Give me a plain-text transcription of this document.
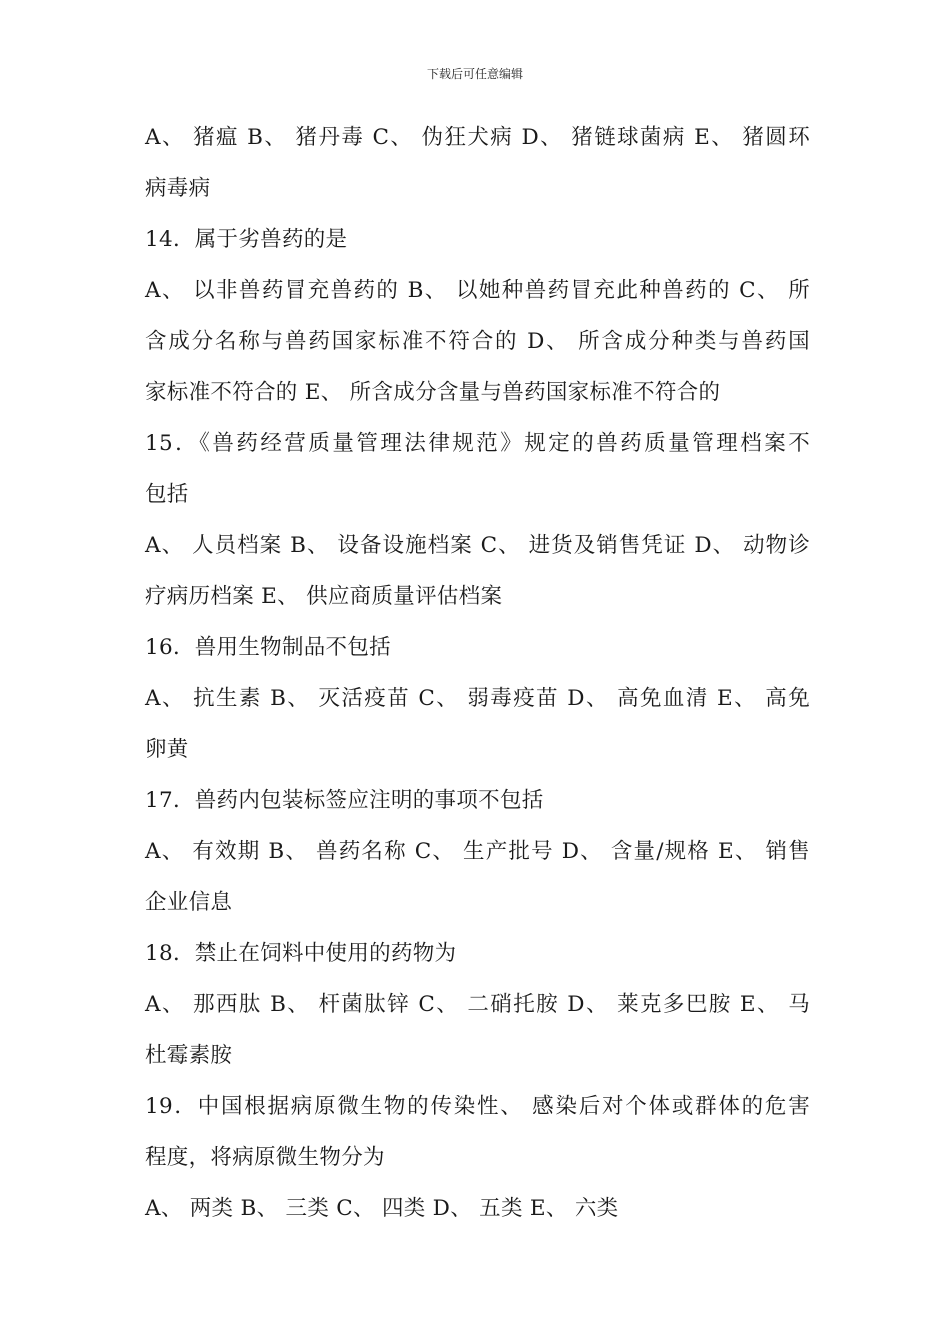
下载后可任意编辑
A、 猪瘟 B、 猪丹毒 C、 伪狂犬病 D、 猪链球菌病 E、 猪圆环
病毒病
14．属于劣兽药的是
A、 以非兽药冒充兽药的 B、 以她种兽药冒充此种兽药的 C、 所
含成分名称与兽药国家标准不符合的 D、 所含成分种类与兽药国
家标准不符合的 E、 所含成分含量与兽药国家标准不符合的
15．《兽药经营质量管理法律规范》规定的兽药质量管理档案不
包括
A、 人员档案 B、 设备设施档案 C、 进货及销售凭证 D、 动物诊
疗病历档案 E、 供应商质量评估档案
16．兽用生物制品不包括
A、 抗生素 B、 灭活疫苗 C、 弱毒疫苗 D、 高免血清 E、 高免
卵黄
17．兽药内包装标签应注明的事项不包括
A、 有效期 B、 兽药名称 C、 生产批号 D、 含量/规格 E、 销售
企业信息
18．禁止在饲料中使用的药物为
A、 那西肽 B、 杆菌肽锌 C、 二硝托胺 D、 莱克多巴胺 E、 马
杜霉素胺
19．中国根据病原微生物的传染性、 感染后对个体或群体的危害
程度，将病原微生物分为
A、 两类 B、 三类 C、 四类 D、 五类 E、 六类
